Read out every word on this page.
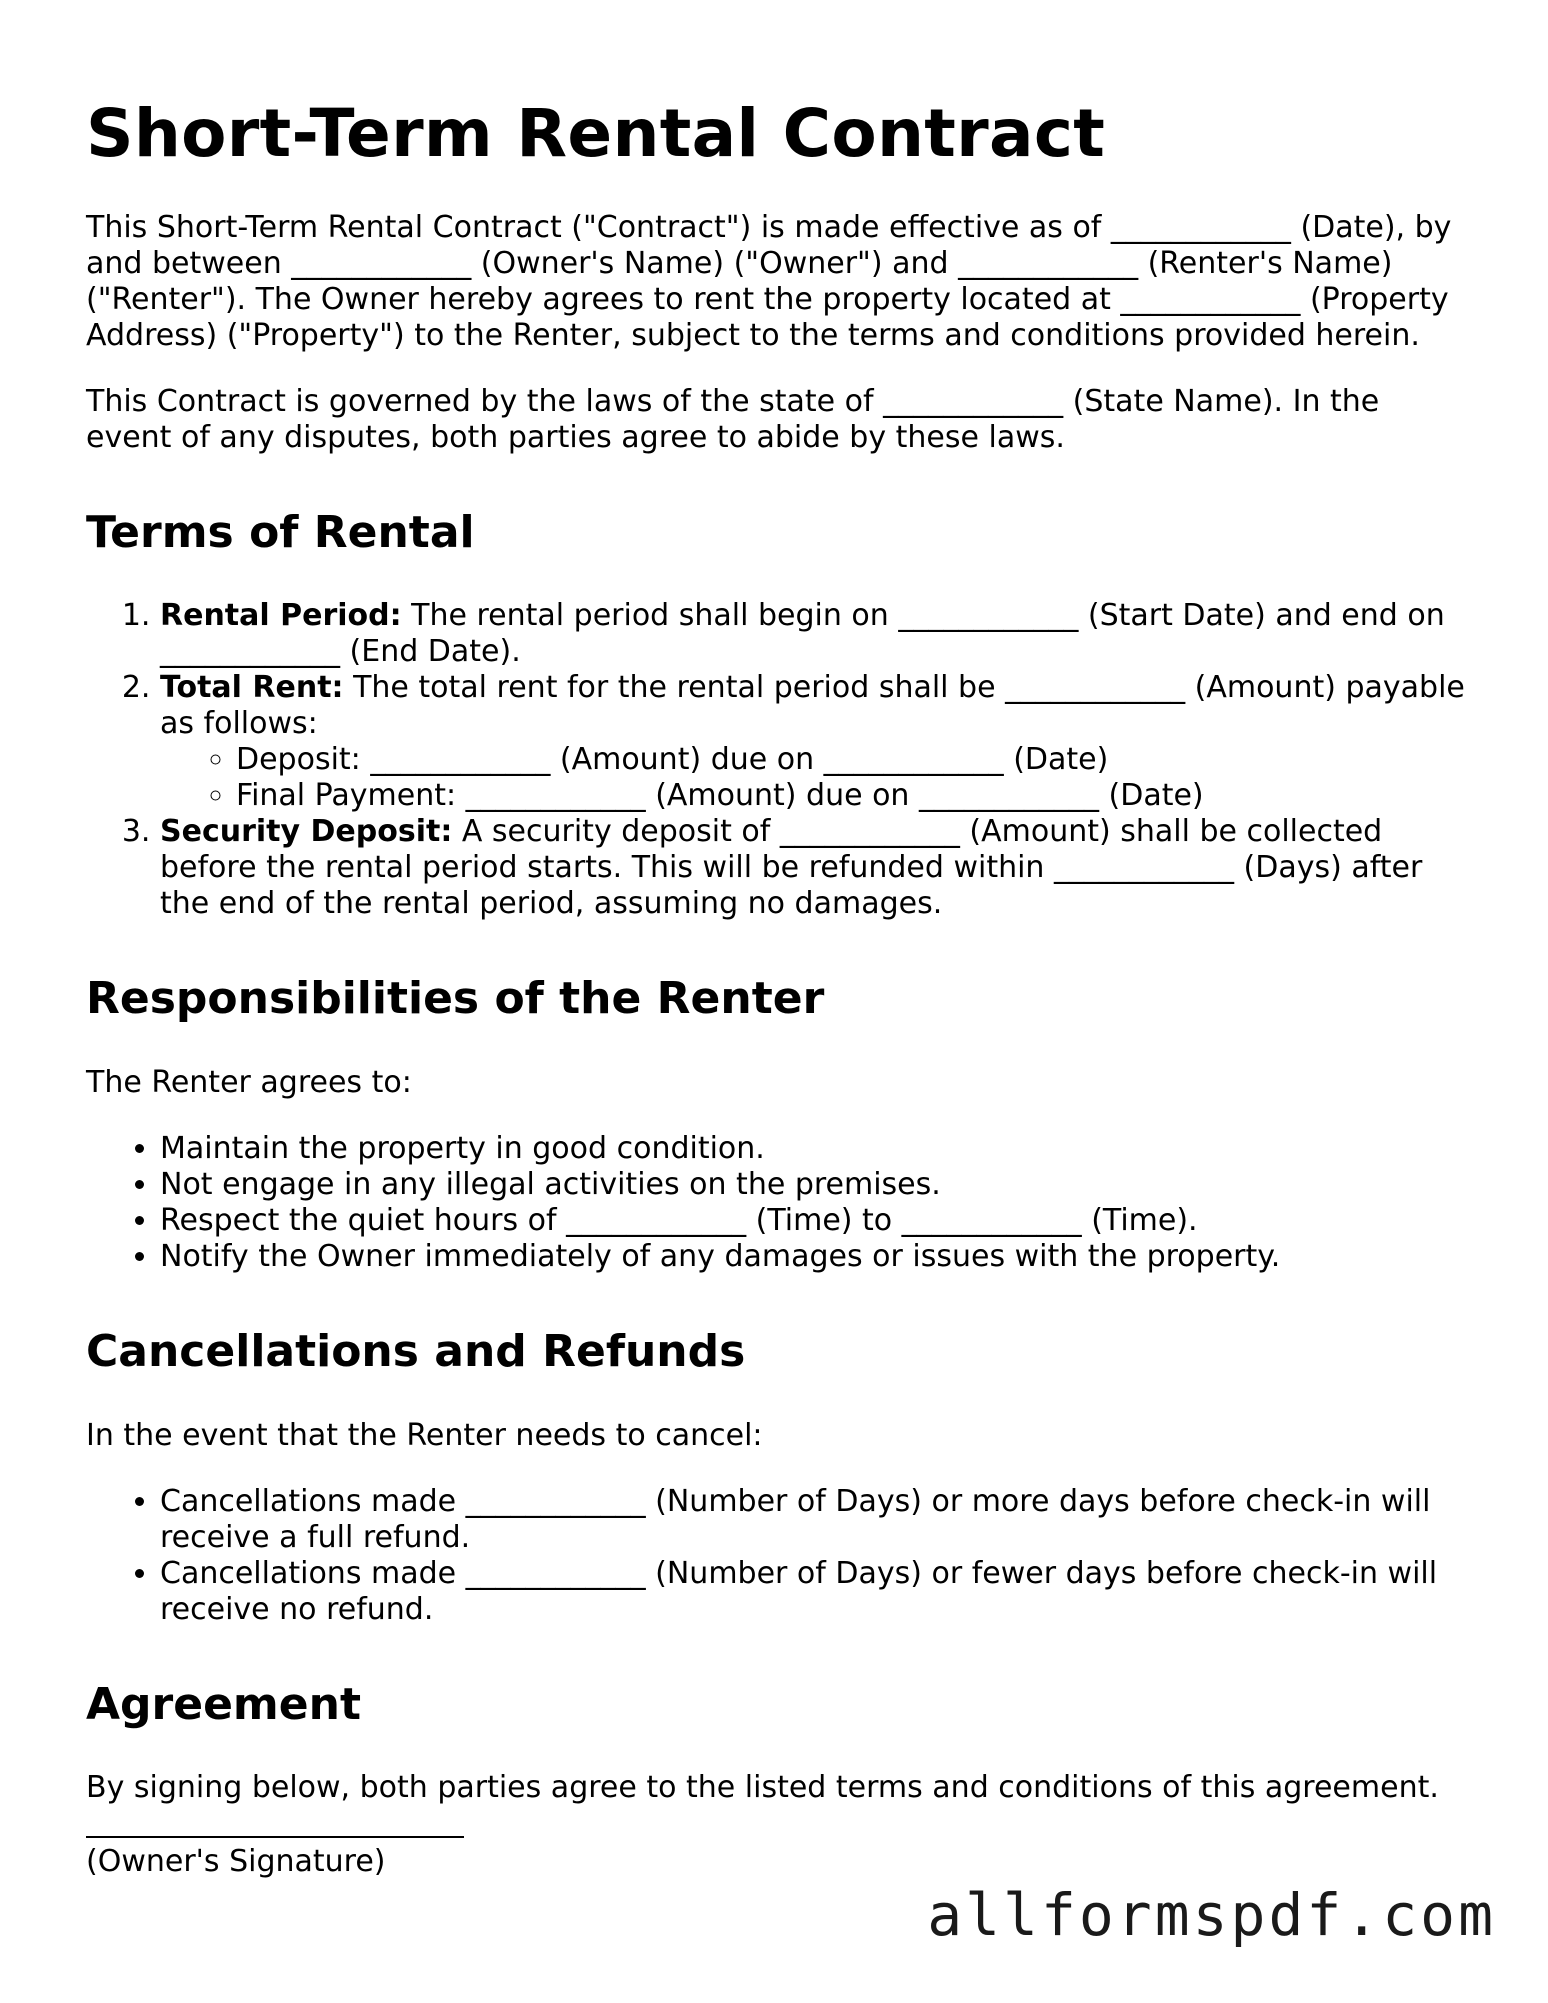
Short-Term Rental Contract

This Short-Term Rental Contract ("Contract") is made effective as of ____________ (Date), by and between ____________ (Owner's Name) ("Owner") and ____________ (Renter's Name) ("Renter"). The Owner hereby agrees to rent the property located at ____________ (Property Address) ("Property") to the Renter, subject to the terms and conditions provided herein.

This Contract is governed by the laws of the state of ____________ (State Name). In the event of any disputes, both parties agree to abide by these laws.

Terms of Rental
1. Rental Period: The rental period shall begin on ____________ (Start Date) and end on ____________ (End Date).
2. Total Rent: The total rent for the rental period shall be ____________ (Amount) payable as follows:
◦ Deposit: ____________ (Amount) due on ____________ (Date)
◦ Final Payment: ____________ (Amount) due on ____________ (Date)
3. Security Deposit: A security deposit of ____________ (Amount) shall be collected before the rental period starts. This will be refunded within ____________ (Days) after the end of the rental period, assuming no damages.
Responsibilities of the Renter

The Renter agrees to:

• Maintain the property in good condition.
• Not engage in any illegal activities on the premises.
• Respect the quiet hours of ____________ (Time) to ____________ (Time).
• Notify the Owner immediately of any damages or issues with the property.
Cancellations and Refunds

In the event that the Renter needs to cancel:

• Cancellations made ____________ (Number of Days) or more days before check-in will receive a full refund.
• Cancellations made ____________ (Number of Days) or fewer days before check-in will receive no refund.
Agreement

By signing below, both parties agree to the listed terms and conditions of this agreement.

(Owner's Signature)
allformspdf.com
